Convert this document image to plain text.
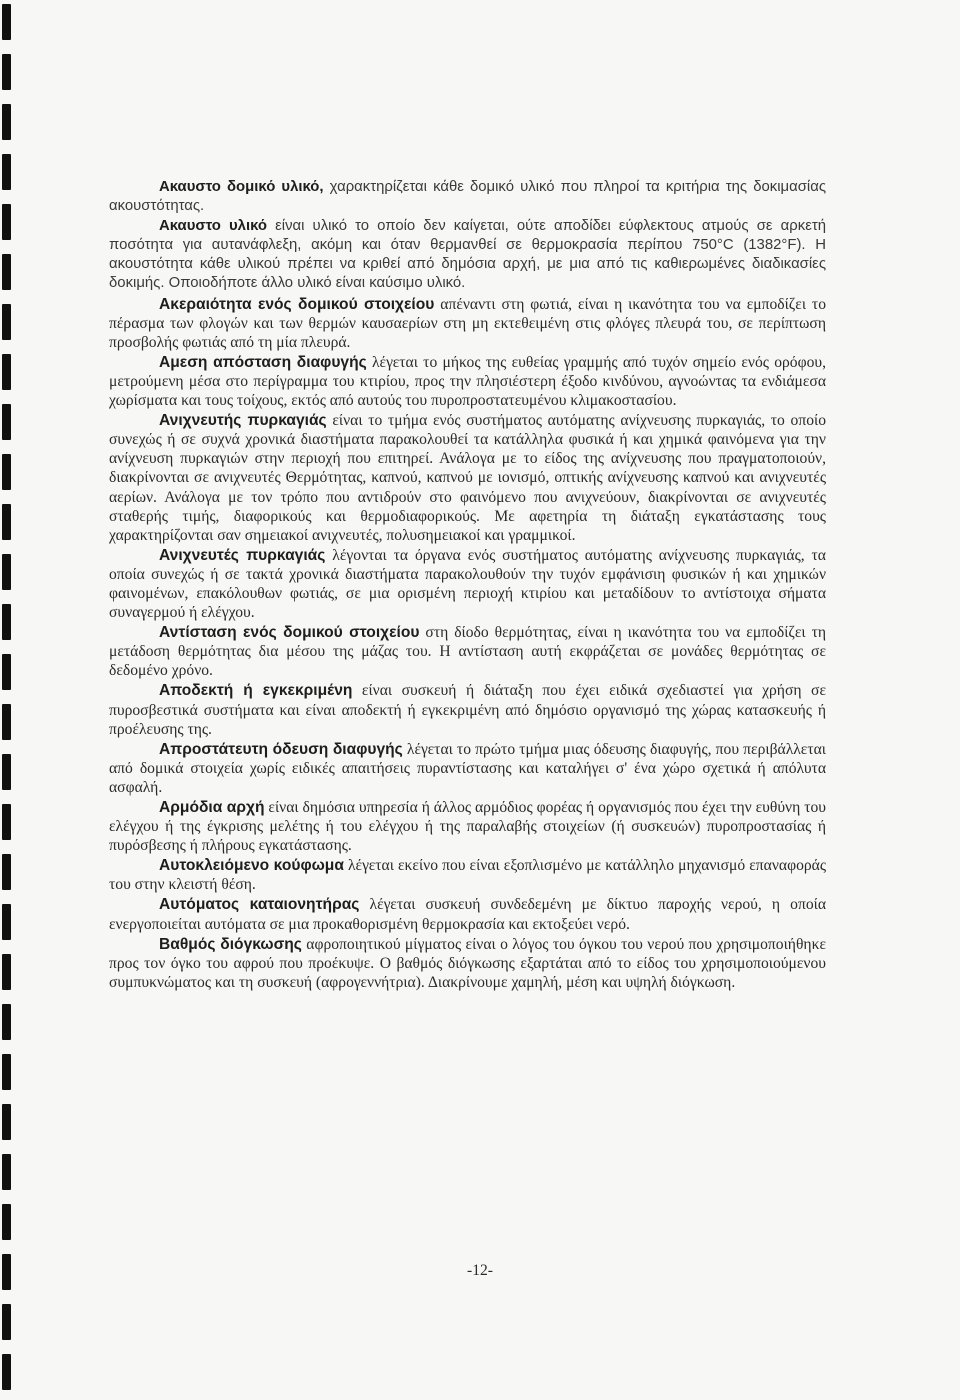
Ακαυστο δομικό υλικό, χαρακτηρίζεται κάθε δομικό υλικό που πληροί τα κριτήρια της δοκιμασίας ακουστότητας.

Ακαυστο υλικό είναι υλικό το οποίο δεν καίγεται, ούτε αποδίδει εύφλεκτους ατμούς σε αρκετή ποσότητα για αυτανάφλεξη, ακόμη και όταν θερμανθεί σε θερμοκρασία περίπου 750°C (1382°F). Η ακουστότητα κάθε υλικού πρέπει να κριθεί από δημόσια αρχή, με μια από τις καθιερωμένες διαδικασίες δοκιμής. Οποιοδήποτε άλλο υλικό είναι καύσιμο υλικό.

Ακεραιότητα ενός δομικού στοιχείου απέναντι στη φωτιά, είναι η ικανότητα του να εμποδίζει το πέρασμα των φλογών και των θερμών καυσαερίων στη μη εκτεθειμένη στις φλόγες πλευρά του, σε περίπτωση προσβολής φωτιάς από τη μία πλευρά.

Αμεση απόσταση διαφυγής λέγεται το μήκος της ευθείας γραμμής από τυχόν σημείο ενός ορόφου, μετρούμενη μέσα στο περίγραμμα του κτιρίου, προς την πλησιέστερη έξοδο κινδύνου, αγνοώντας τα ενδιάμεσα χωρίσματα και τους τοίχους, εκτός από αυτούς του πυροπροστατευμένου κλιμακοστασίου.

Ανιχνευτής πυρκαγιάς είναι το τμήμα ενός συστήματος αυτόματης ανίχνευσης πυρκαγιάς, το οποίο συνεχώς ή σε συχνά χρονικά διαστήματα παρακολουθεί τα κατάλληλα φυσικά ή και χημικά φαινόμενα για την ανίχνευση πυρκαγιών στην περιοχή που επιτηρεί. Ανάλογα με το είδος της ανίχνευσης που πραγματοποιούν, διακρίνονται σε ανιχνευτές Θερμότητας, καπνού, καπνού με ιονισμό, οπτικής ανίχνευσης καπνού και ανιχνευτές αερίων. Ανάλογα με τον τρόπο που αντιδρούν στο φαινόμενο που ανιχνεύουν, διακρίνονται σε ανιχνευτές σταθερής τιμής, διαφορικούς και θερμοδιαφορικούς. Με αφετηρία τη διάταξη εγκατάστασης τους χαρακτηρίζονται σαν σημειακοί ανιχνευτές, πολυσημειακοί και γραμμικοί.

Ανιχνευτές πυρκαγιάς λέγονται τα όργανα ενός συστήματος αυτόματης ανίχνευσης πυρκαγιάς, τα οποία συνεχώς ή σε τακτά χρονικά διαστήματα παρακολουθούν την τυχόν εμφάνισιη φυσικών ή και χημικών φαινομένων, επακόλουθων φωτιάς, σε μια ορισμένη περιοχή κτιρίου και μεταδίδουν το αντίστοιχα σήματα συναγερμού ή ελέγχου.

Αντίσταση ενός δομικού στοιχείου στη δίοδο θερμότητας, είναι η ικανότητα του να εμποδίζει τη μετάδοση θερμότητας δια μέσου της μάζας του. Η αντίσταση αυτή εκφράζεται σε μονάδες θερμότητας σε δεδομένο χρόνο.

Αποδεκτή ή εγκεκριμένη είναι συσκευή ή διάταξη που έχει ειδικά σχεδιαστεί για χρήση σε πυροσβεστικά συστήματα και είναι αποδεκτή ή εγκεκριμένη από δημόσιο οργανισμό της χώρας κατασκευής ή προέλευσης της.

Απροστάτευτη όδευση διαφυγής λέγεται το πρώτο τμήμα μιας όδευσης διαφυγής, που περιβάλλεται από δομικά στοιχεία χωρίς ειδικές απαιτήσεις πυραντίστασης και καταλήγει σ' ένα χώρο σχετικά ή απόλυτα ασφαλή.

Αρμόδια αρχή είναι δημόσια υπηρεσία ή άλλος αρμόδιος φορέας ή οργανισμός που έχει την ευθύνη του ελέγχου ή της έγκρισης μελέτης ή του ελέγχου ή της παραλαβής στοιχείων (ή συσκευών) πυροπροστασίας ή πυρόσβεσης ή πλήρους εγκατάστασης.

Αυτοκλειόμενο κούφωμα λέγεται εκείνο που είναι εξοπλισμένο με κατάλληλο μηχανισμό επαναφοράς του στην κλειστή θέση.

Αυτόματος καταιονητήρας λέγεται συσκευή συνδεδεμένη με δίκτυο παροχής νερού, η οποία ενεργοποιείται αυτόματα σε μια προκαθορισμένη θερμοκρασία και εκτοξεύει νερό.

Βαθμός διόγκωσης αφροποιητικού μίγματος είναι ο λόγος του όγκου του νερού που χρησιμοποιήθηκε προς τον όγκο του αφρού που προέκυψε. Ο βαθμός διόγκωσης εξαρτάται από το είδος του χρησιμοποιούμενου συμπυκνώματος και τη συσκευή (αφρογεννήτρια). Διακρίνουμε χαμηλή, μέση και υψηλή διόγκωση.

-12-
